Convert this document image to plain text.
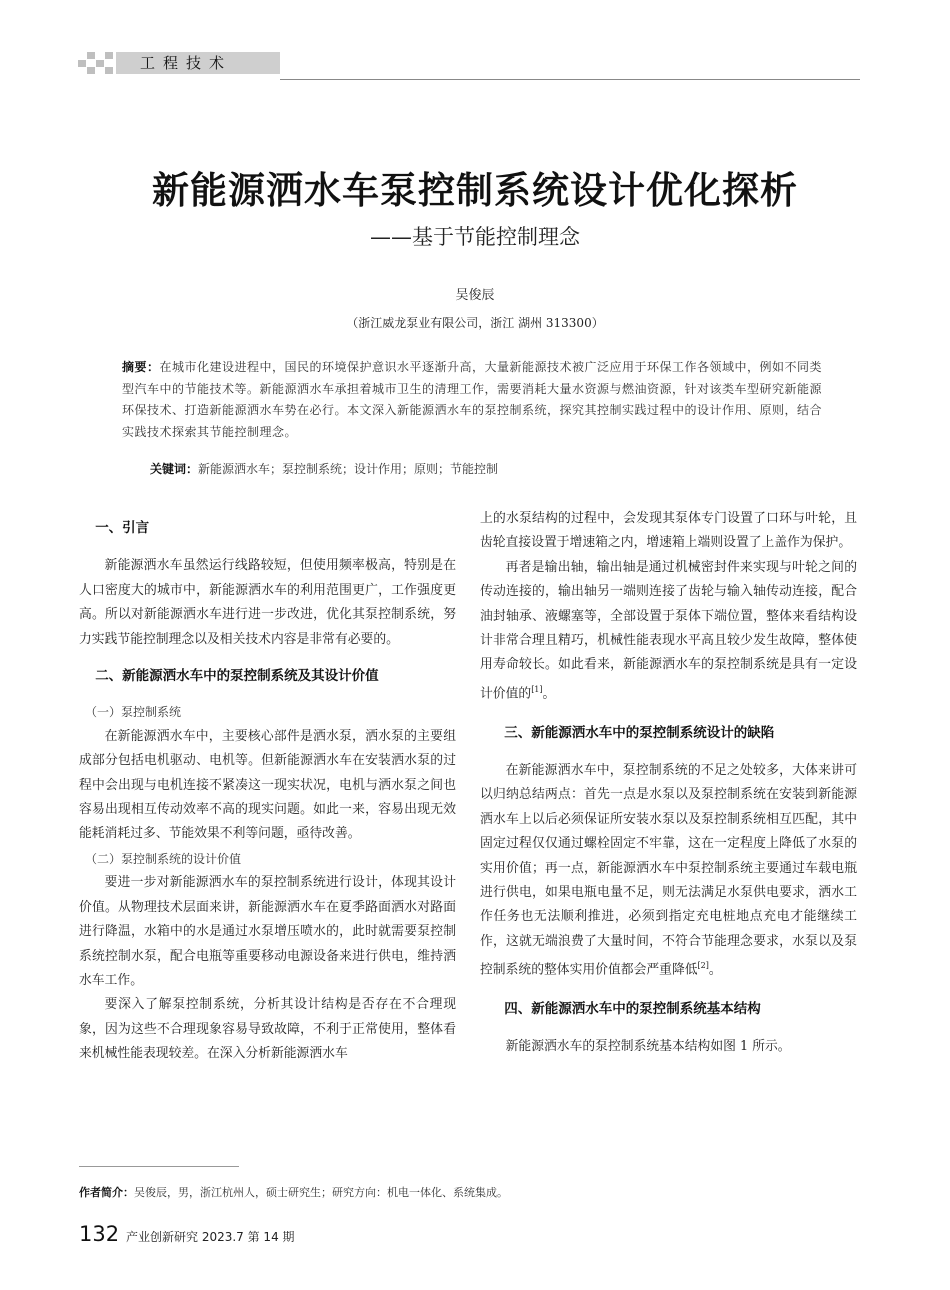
工程技术
新能源洒水车泵控制系统设计优化探析
——基于节能控制理念
吴俊辰
（浙江威龙泵业有限公司，浙江 湖州 313300）
摘要：在城市化建设进程中，国民的环境保护意识水平逐渐升高，大量新能源技术被广泛应用于环保工作各领域中，例如不同类型汽车中的节能技术等。新能源洒水车承担着城市卫生的清理工作，需要消耗大量水资源与燃油资源，针对该类车型研究新能源环保技术、打造新能源洒水车势在必行。本文深入新能源洒水车的泵控制系统，探究其控制实践过程中的设计作用、原则，结合实践技术探索其节能控制理念。
关键词：新能源洒水车；泵控制系统；设计作用；原则；节能控制
一、引言

新能源洒水车虽然运行线路较短，但使用频率极高，特别是在人口密度大的城市中，新能源洒水车的利用范围更广，工作强度更高。所以对新能源洒水车进行进一步改进，优化其泵控制系统，努力实践节能控制理念以及相关技术内容是非常有必要的。

二、新能源洒水车中的泵控制系统及其设计价值

（一）泵控制系统

在新能源洒水车中，主要核心部件是洒水泵，洒水泵的主要组成部分包括电机驱动、电机等。但新能源洒水车在安装洒水泵的过程中会出现与电机连接不紧凑这一现实状况，电机与洒水泵之间也容易出现相互传动效率不高的现实问题。如此一来，容易出现无效能耗消耗过多、节能效果不利等问题，亟待改善。

（二）泵控制系统的设计价值

要进一步对新能源洒水车的泵控制系统进行设计，体现其设计价值。从物理技术层面来讲，新能源洒水车在夏季路面洒水对路面进行降温，水箱中的水是通过水泵增压喷水的，此时就需要泵控制系统控制水泵，配合电瓶等重要移动电源设备来进行供电，维持洒水车工作。

要深入了解泵控制系统，分析其设计结构是否存在不合理现象，因为这些不合理现象容易导致故障，不利于正常使用，整体看来机械性能表现较差。在深入分析新能源洒水车

上的水泵结构的过程中，会发现其泵体专门设置了口环与叶轮，且齿轮直接设置于增速箱之内，增速箱上端则设置了上盖作为保护。

再者是输出轴，输出轴是通过机械密封件来实现与叶轮之间的传动连接的，输出轴另一端则连接了齿轮与输入轴传动连接，配合油封轴承、液螺塞等，全部设置于泵体下端位置，整体来看结构设计非常合理且精巧，机械性能表现水平高且较少发生故障，整体使用寿命较长。如此看来，新能源洒水车的泵控制系统是具有一定设计价值的[1]。

三、新能源洒水车中的泵控制系统设计的缺陷

在新能源洒水车中，泵控制系统的不足之处较多，大体来讲可以归纳总结两点：首先一点是水泵以及泵控制系统在安装到新能源洒水车上以后必须保证所安装水泵以及泵控制系统相互匹配，其中固定过程仅仅通过螺栓固定不牢靠，这在一定程度上降低了水泵的实用价值；再一点，新能源洒水车中泵控制系统主要通过车载电瓶进行供电，如果电瓶电量不足，则无法满足水泵供电要求，洒水工作任务也无法顺利推进，必须到指定充电桩地点充电才能继续工作，这就无端浪费了大量时间，不符合节能理念要求，水泵以及泵控制系统的整体实用价值都会严重降低[2]。

四、新能源洒水车中的泵控制系统基本结构

新能源洒水车的泵控制系统基本结构如图 1 所示。

作者简介：吴俊辰，男，浙江杭州人，硕士研究生；研究方向：机电一体化、系统集成。
132 产业创新研究 2023.7 第 14 期
